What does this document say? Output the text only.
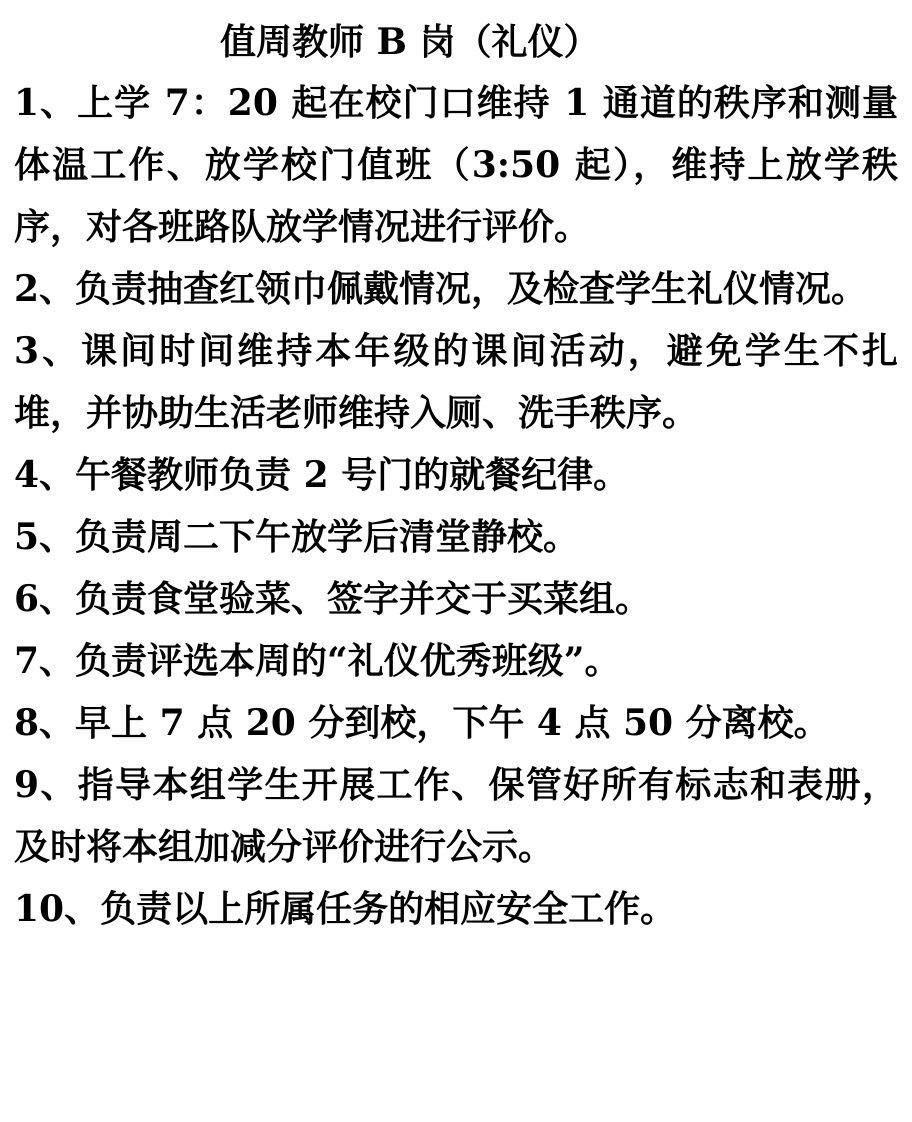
值周教师 B 岗（礼仪）

1、上学 7：20 起在校门口维持 1 通道的秩序和测量体温工作、放学校门值班（3:50 起），维持上放学秩序，对各班路队放学情况进行评价。

2、负责抽查红领巾佩戴情况，及检查学生礼仪情况。

3、课间时间维持本年级的课间活动，避免学生不扎堆，并协助生活老师维持入厕、洗手秩序。

4、午餐教师负责 2 号门的就餐纪律。

5、负责周二下午放学后清堂静校。

6、负责食堂验菜、签字并交于买菜组。

7、负责评选本周的“礼仪优秀班级”。

8、早上 7 点 20 分到校，下午 4 点 50 分离校。

9、指导本组学生开展工作、保管好所有标志和表册，及时将本组加减分评价进行公示。

10、负责以上所属任务的相应安全工作。
